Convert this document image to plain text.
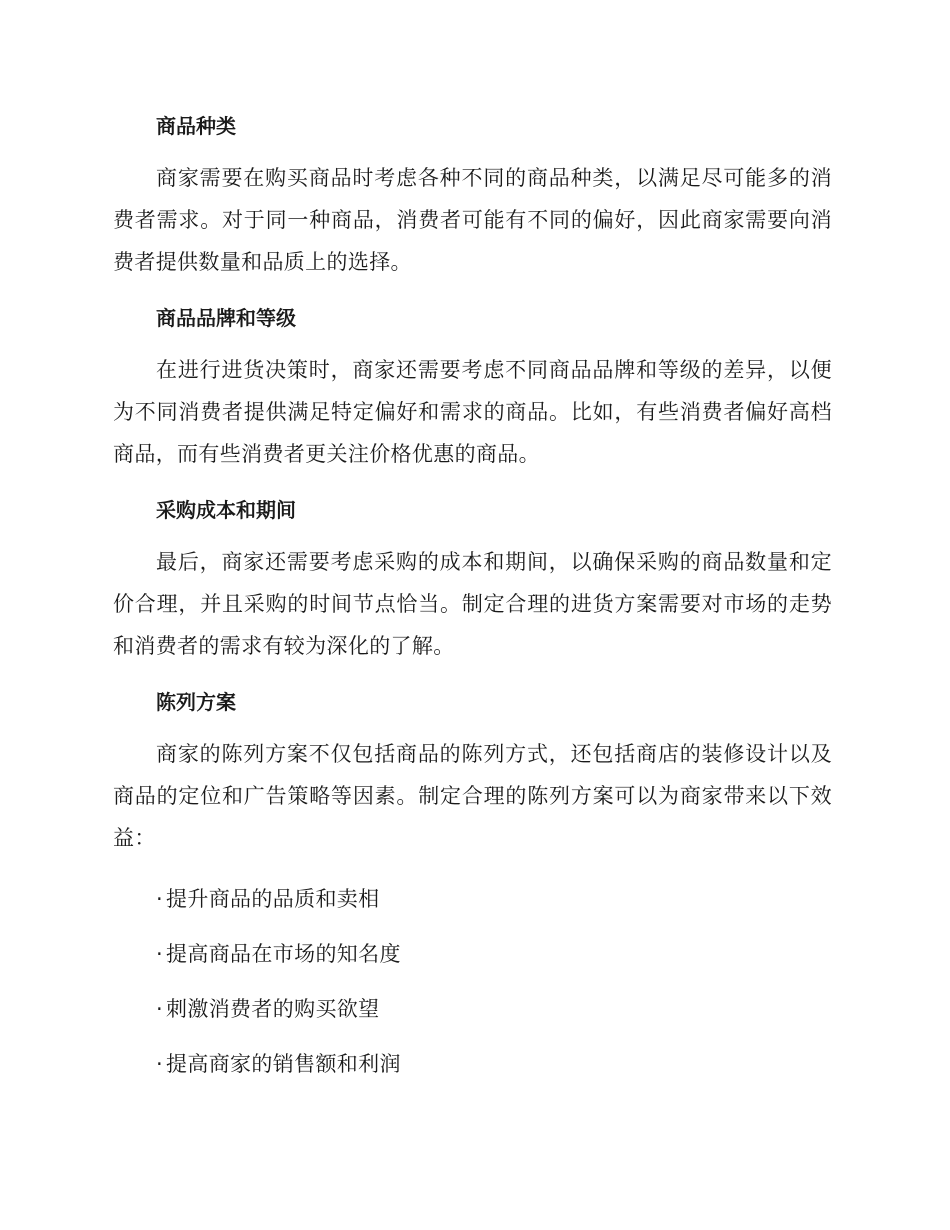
商品种类

商家需要在购买商品时考虑各种不同的商品种类，以满足尽可能多的消费者需求。对于同一种商品，消费者可能有不同的偏好，因此商家需要向消费者提供数量和品质上的选择。

商品品牌和等级

在进行进货决策时，商家还需要考虑不同商品品牌和等级的差异，以便为不同消费者提供满足特定偏好和需求的商品。比如，有些消费者偏好高档商品，而有些消费者更关注价格优惠的商品。

采购成本和期间

最后，商家还需要考虑采购的成本和期间，以确保采购的商品数量和定价合理，并且采购的时间节点恰当。制定合理的进货方案需要对市场的走势和消费者的需求有较为深化的了解。

陈列方案

商家的陈列方案不仅包括商品的陈列方式，还包括商店的装修设计以及商品的定位和广告策略等因素。制定合理的陈列方案可以为商家带来以下效益：

· 提升商品的品质和卖相
· 提高商品在市场的知名度
· 刺激消费者的购买欲望
· 提高商家的销售额和利润
